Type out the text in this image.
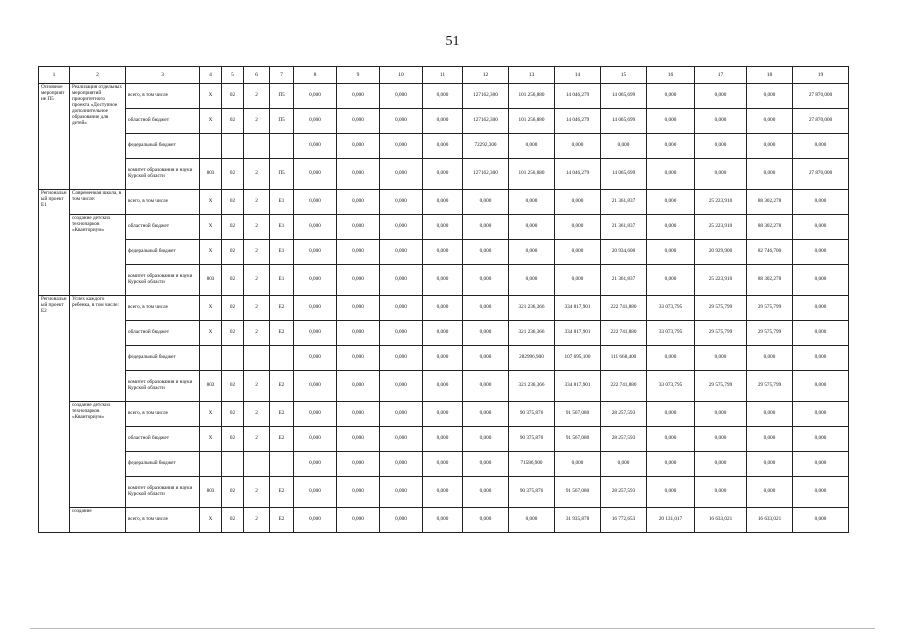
51
1	2	3	4	5	6	7	8	9	10	11	12	13	14	15	16	17	18	19
Основное мероприятие П5	Реализация отдельных мероприятий приоритетного проекта «Доступное дополнительное образование для детей»	всего, в том числе	X	02	2	П5	0,000	0,000	0,000	0,000	127162,300	101 256,880	14 046,279	14 065,699	0,000	0,000	0,000	27 870,000
		областной бюджет	X	02	2	П5	0,000	0,000	0,000	0,000	127162,300	101 256,880	14 046,279	14 065,699	0,000	0,000	0,000	27 870,000
		федеральный бюджет					0,000	0,000	0,000	0,000	72292,300	0,000	0,000	0,000	0,000	0,000	0,000	0,000
		комитет образования и науки Курской области	803	02	2	П5	0,000	0,000	0,000	0,000	127162,300	101 256,880	14 046,279	14 065,699	0,000	0,000	0,000	27 870,000
Региональный проект Е1	Современная школа, в том числе:	всего, в том числе	X	02	2	Е1	0,000	0,000	0,000	0,000	0,000	0,000	0,000	21 361,837	0,000	25 223,910	88 302,278	0,000
	создание детских технопарков «Кванториум»	областной бюджет	X	02	2	Е1	0,000	0,000	0,000	0,000	0,000	0,000	0,000	21 361,837	0,000	25 223,910	88 302,278	0,000
		федеральный бюджет	X	02	2	Е1	0,000	0,000	0,000	0,000	0,000	0,000	0,000	20 934,600	0,000	20 929,900	82 746,700	0,000
		комитет образования и науки Курской области	803	02	2	Е1	0,000	0,000	0,000	0,000	0,000	0,000	0,000	21 361,837	0,000	25 223,910	88 302,278	0,000
Региональный проект Е2	Успех каждого ребенка, в том числе:	всего, в том числе	X	02	2	Е2	0,000	0,000	0,000	0,000	0,000	321 236,366	334 817,901	222 741,880	33 073,795	29 575,799	29 575,799	0,000
		областной бюджет	X	02	2	Е2	0,000	0,000	0,000	0,000	0,000	321 236,366	334 817,901	222 741,880	33 073,795	29 575,799	29 575,799	0,000
		федеральный бюджет					0,000	0,000	0,000	0,000	0,000	282996,900	107 695,100	111 668,400	0,000	0,000	0,000	0,000
		комитет образования и науки Курской области	803	02	2	Е2	0,000	0,000	0,000	0,000	0,000	321 236,366	334 817,901	222 741,880	33 073,795	29 575,799	29 575,799	0,000
	создание детских технопарков «Кванториум»	всего, в том числе	X	02	2	Е2	0,000	0,000	0,000	0,000	0,000	90 375,876	91 567,080	28 257,593	0,000	0,000	0,000	0,000
		областной бюджет	X	02	2	Е2	0,000	0,000	0,000	0,000	0,000	90 375,876	91 567,080	28 257,593	0,000	0,000	0,000	0,000
		федеральный бюджет					0,000	0,000	0,000	0,000	0,000	71586,900	0,000	0,000	0,000	0,000	0,000	0,000
		комитет образования и науки Курской области	803	02	2	Е2	0,000	0,000	0,000	0,000	0,000	90 375,876	91 567,080	28 257,593	0,000	0,000	0,000	0,000
	создание	всего, в том числе	X	02	2	Е2	0,000	0,000	0,000	0,000	0,000	0,000	31 935,878	16 772,653	20 131,017	16 633,021	16 633,021	0,000
